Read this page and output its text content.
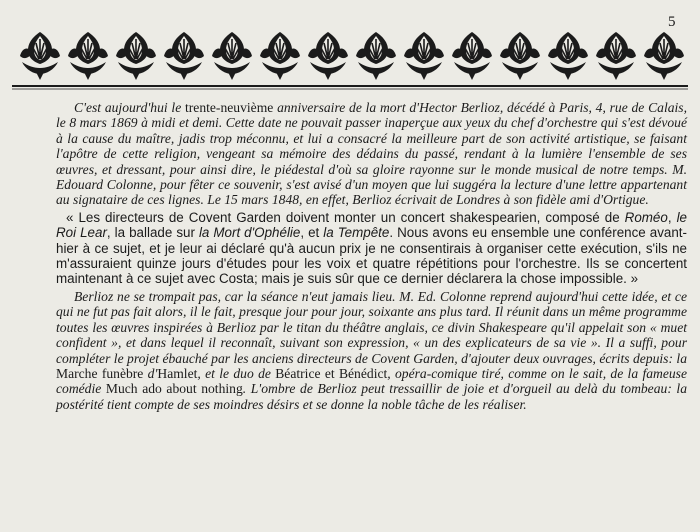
5

C'est aujourd'hui le trente-neuvième anniversaire de la mort d'Hector Berlioz, décédé à Paris, 4, rue de Calais, le 8 mars 1869 à midi et demi. Cette date ne pouvait passer inaperçue aux yeux du chef d'orchestre qui s'est dévoué à la cause du maître, jadis trop méconnu, et lui a consacré la meilleure part de son activité artistique, se faisant l'apôtre de cette religion, vengeant sa mémoire des dédains du passé, rendant à la lumière l'ensemble de ses œuvres, et dressant, pour ainsi dire, le piédestal d'où sa gloire rayonne sur le monde musical de notre temps. M. Edouard Colonne, pour fêter ce souvenir, s'est avisé d'un moyen que lui suggéra la lecture d'une lettre appartenant au signataire de ces lignes. Le 15 mars 1848, en effet, Berlioz écrivait de Londres à son fidèle ami d'Ortigue.

« Les directeurs de Covent Garden doivent monter un concert shakespearien, composé de Roméo, le Roi Lear, la ballade sur la Mort d'Ophélie, et la Tempête. Nous avons eu ensemble une conférence avant-hier à ce sujet, et je leur ai déclaré qu'à aucun prix je ne consentirais à organiser cette exécution, s'ils ne m'assuraient quinze jours d'études pour les voix et quatre répétitions pour l'orchestre. Ils se concertent maintenant à ce sujet avec Costa; mais je suis sûr que ce dernier déclarera la chose impossible. »

Berlioz ne se trompait pas, car la séance n'eut jamais lieu. M. Ed. Colonne reprend aujourd'hui cette idée, et ce qui ne fut pas fait alors, il le fait, presque jour pour jour, soixante ans plus tard. Il réunit dans un même programme toutes les œuvres inspirées à Berlioz par le titan du théâtre anglais, ce divin Shakespeare qu'il appelait son « muet confident », et dans lequel il reconnaît, suivant son expression, « un des explicateurs de sa vie ». Il a suffi, pour compléter le projet ébauché par les anciens directeurs de Covent Garden, d'ajouter deux ouvrages, écrits depuis: la Marche funèbre d'Hamlet, et le duo de Béatrice et Bénédict, opéra-comique tiré, comme on le sait, de la fameuse comédie Much ado about nothing. L'ombre de Berlioz peut tressaillir de joie et d'orgueil au delà du tombeau: la postérité tient compte de ses moindres désirs et se donne la noble tâche de les réaliser.
